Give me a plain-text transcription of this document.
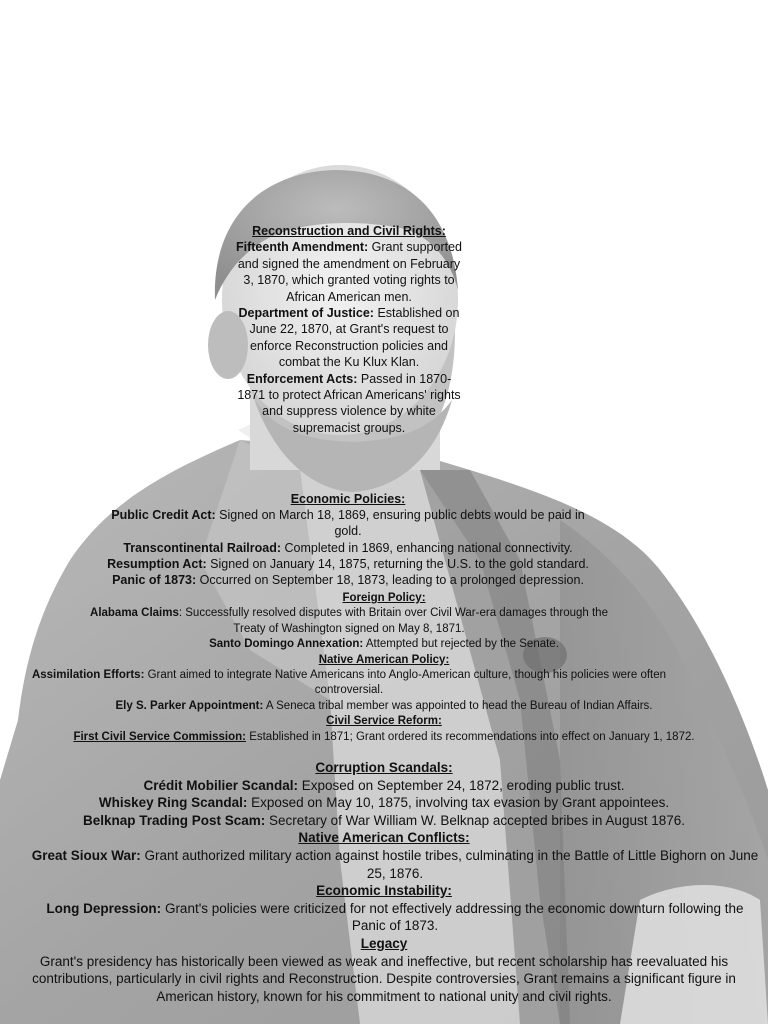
Reconstruction and Civil Rights:
Fifteenth Amendment: Grant supported and signed the amendment on February 3, 1870, which granted voting rights to African American men.
Department of Justice: Established on June 22, 1870, at Grant's request to enforce Reconstruction policies and combat the Ku Klux Klan.
Enforcement Acts: Passed in 1870-1871 to protect African Americans' rights and suppress violence by white supremacist groups.
Economic Policies:
Public Credit Act: Signed on March 18, 1869, ensuring public debts would be paid in gold.
Transcontinental Railroad: Completed in 1869, enhancing national connectivity.
Resumption Act: Signed on January 14, 1875, returning the U.S. to the gold standard.
Panic of 1873: Occurred on September 18, 1873, leading to a prolonged depression.
Foreign Policy:
Alabama Claims: Successfully resolved disputes with Britain over Civil War-era damages through the Treaty of Washington signed on May 8, 1871.
Santo Domingo Annexation: Attempted but rejected by the Senate.
Native American Policy:
Assimilation Efforts: Grant aimed to integrate Native Americans into Anglo-American culture, though his policies were often controversial.
Ely S. Parker Appointment: A Seneca tribal member was appointed to head the Bureau of Indian Affairs.
Civil Service Reform:
First Civil Service Commission: Established in 1871; Grant ordered its recommendations into effect on January 1, 1872.
Corruption Scandals:
Crédit Mobilier Scandal: Exposed on September 24, 1872, eroding public trust.
Whiskey Ring Scandal: Exposed on May 10, 1875, involving tax evasion by Grant appointees.
Belknap Trading Post Scam: Secretary of War William W. Belknap accepted bribes in August 1876.
Native American Conflicts:
Great Sioux War: Grant authorized military action against hostile tribes, culminating in the Battle of Little Bighorn on June 25, 1876.
Economic Instability:
Long Depression: Grant's policies were criticized for not effectively addressing the economic downturn following the Panic of 1873.
Legacy
Grant's presidency has historically been viewed as weak and ineffective, but recent scholarship has reevaluated his contributions, particularly in civil rights and Reconstruction. Despite controversies, Grant remains a significant figure in American history, known for his commitment to national unity and civil rights.
